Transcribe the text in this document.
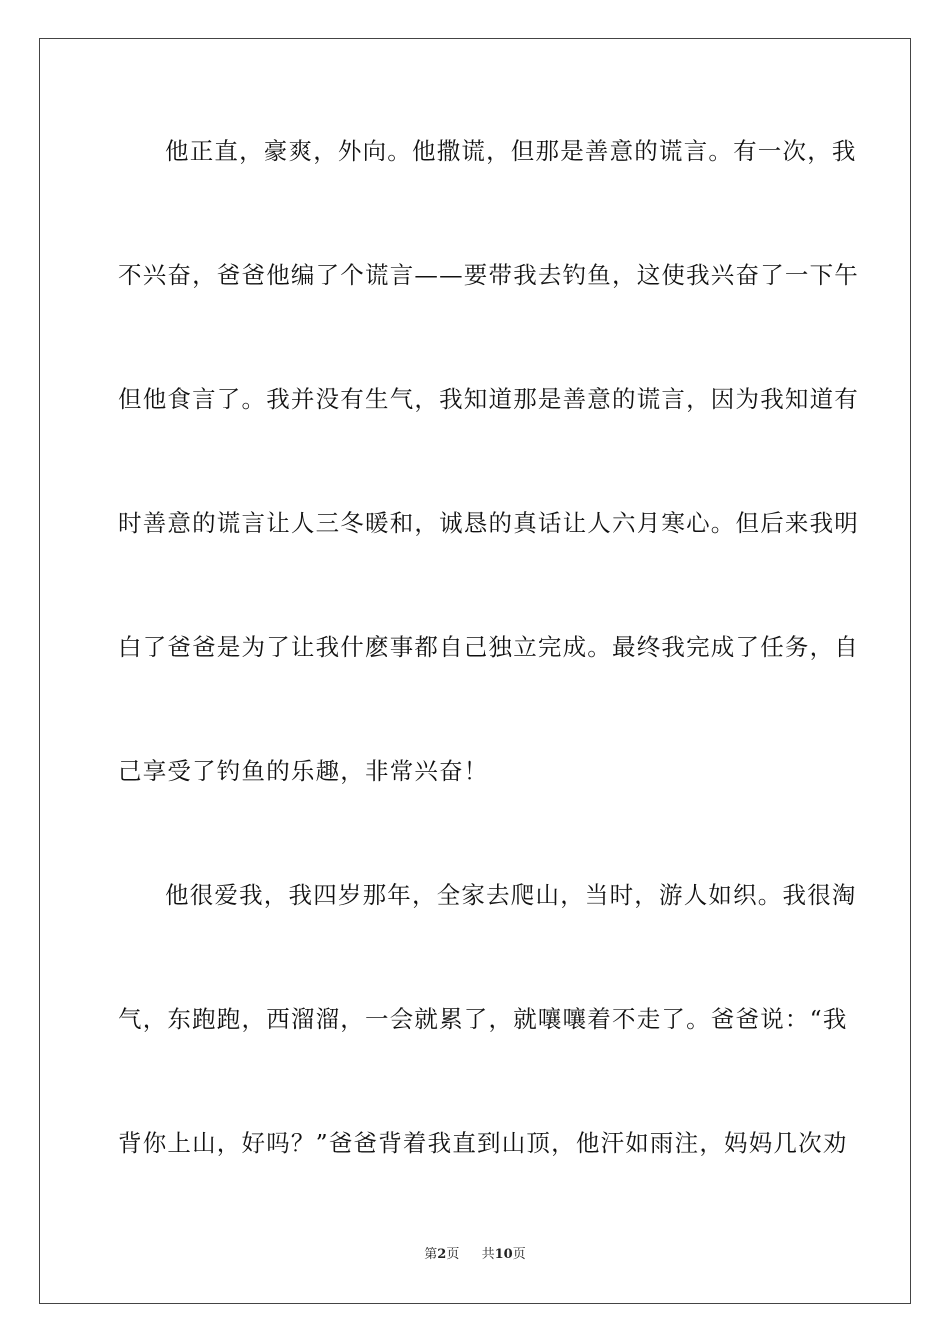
他正直，豪爽，外向。他撒谎，但那是善意的谎言。有一次，我
不兴奋，爸爸他编了个谎言——要带我去钓鱼，这使我兴奋了一下午
但他食言了。我并没有生气，我知道那是善意的谎言，因为我知道有
时善意的谎言让人三冬暖和，诚恳的真话让人六月寒心。但后来我明
白了爸爸是为了让我什麽事都自己独立完成。最终我完成了任务，自
己享受了钓鱼的乐趣，非常兴奋！
他很爱我，我四岁那年，全家去爬山，当时，游人如织。我很淘
气，东跑跑，西溜溜，一会就累了，就嚷嚷着不走了。爸爸说：“我
背你上山，好吗？”爸爸背着我直到山顶，他汗如雨注，妈妈几次劝
第2页 共10页
